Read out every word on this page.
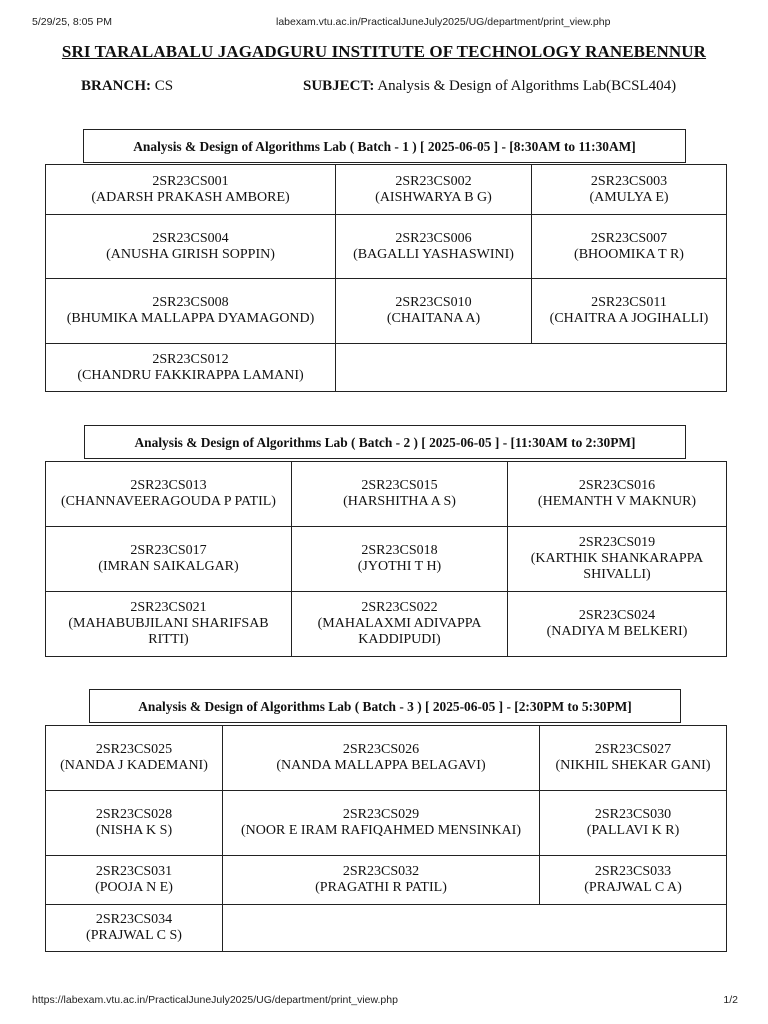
5/29/25, 8:05 PM	labexam.vtu.ac.in/PracticalJuneJuly2025/UG/department/print_view.php
SRI TARALABALU JAGADGURU INSTITUTE OF TECHNOLOGY RANEBENNUR
BRANCH: CS	SUBJECT: Analysis & Design of Algorithms Lab(BCSL404)
Analysis & Design of Algorithms Lab ( Batch - 1 ) [ 2025-06-05 ] - [8:30AM to 11:30AM]
2SR23CS001
(ADARSH PRAKASH AMBORE)	2SR23CS002
(AISHWARYA B G)	2SR23CS003
(AMULYA E)

2SR23CS004
(ANUSHA GIRISH SOPPIN)	2SR23CS006
(BAGALLI YASHASWINI)	2SR23CS007
(BHOOMIKA T R)

2SR23CS008
(BHUMIKA MALLAPPA DYAMAGOND)	2SR23CS010
(CHAITANA A)	2SR23CS011
(CHAITRA A JOGIHALLI)

2SR23CS012
(CHANDRU FAKKIRAPPA LAMANI)		

Analysis & Design of Algorithms Lab ( Batch - 2 ) [ 2025-06-05 ] - [11:30AM to 2:30PM]
2SR23CS013
(CHANNAVEERAGOUDA P PATIL)	2SR23CS015
(HARSHITHA A S)	2SR23CS016
(HEMANTH V MAKNUR)

2SR23CS017
(IMRAN SAIKALGAR)	2SR23CS018
(JYOTHI T H)	2SR23CS019
(KARTHIK SHANKARAPPA SHIVALLI)

2SR23CS021
(MAHABUBJILANI SHARIFSAB RITTI)	2SR23CS022
(MAHALAXMI ADIVAPPA KADDIPUDI)	2SR23CS024
(NADIYA M BELKERI)
Analysis & Design of Algorithms Lab ( Batch - 3 ) [ 2025-06-05 ] - [2:30PM to 5:30PM]
2SR23CS025
(NANDA J KADEMANI)	2SR23CS026
(NANDA MALLAPPA BELAGAVI)	2SR23CS027
(NIKHIL SHEKAR GANI)

2SR23CS028
(NISHA K S)	2SR23CS029
(NOOR E IRAM RAFIQAHMED MENSINKAI)	2SR23CS030
(PALLAVI K R)

2SR23CS031
(POOJA N E)	2SR23CS032
(PRAGATHI R PATIL)	2SR23CS033
(PRAJWAL C A)

2SR23CS034
(PRAJWAL C S)		

https://labexam.vtu.ac.in/PracticalJuneJuly2025/UG/department/print_view.php	1/2
